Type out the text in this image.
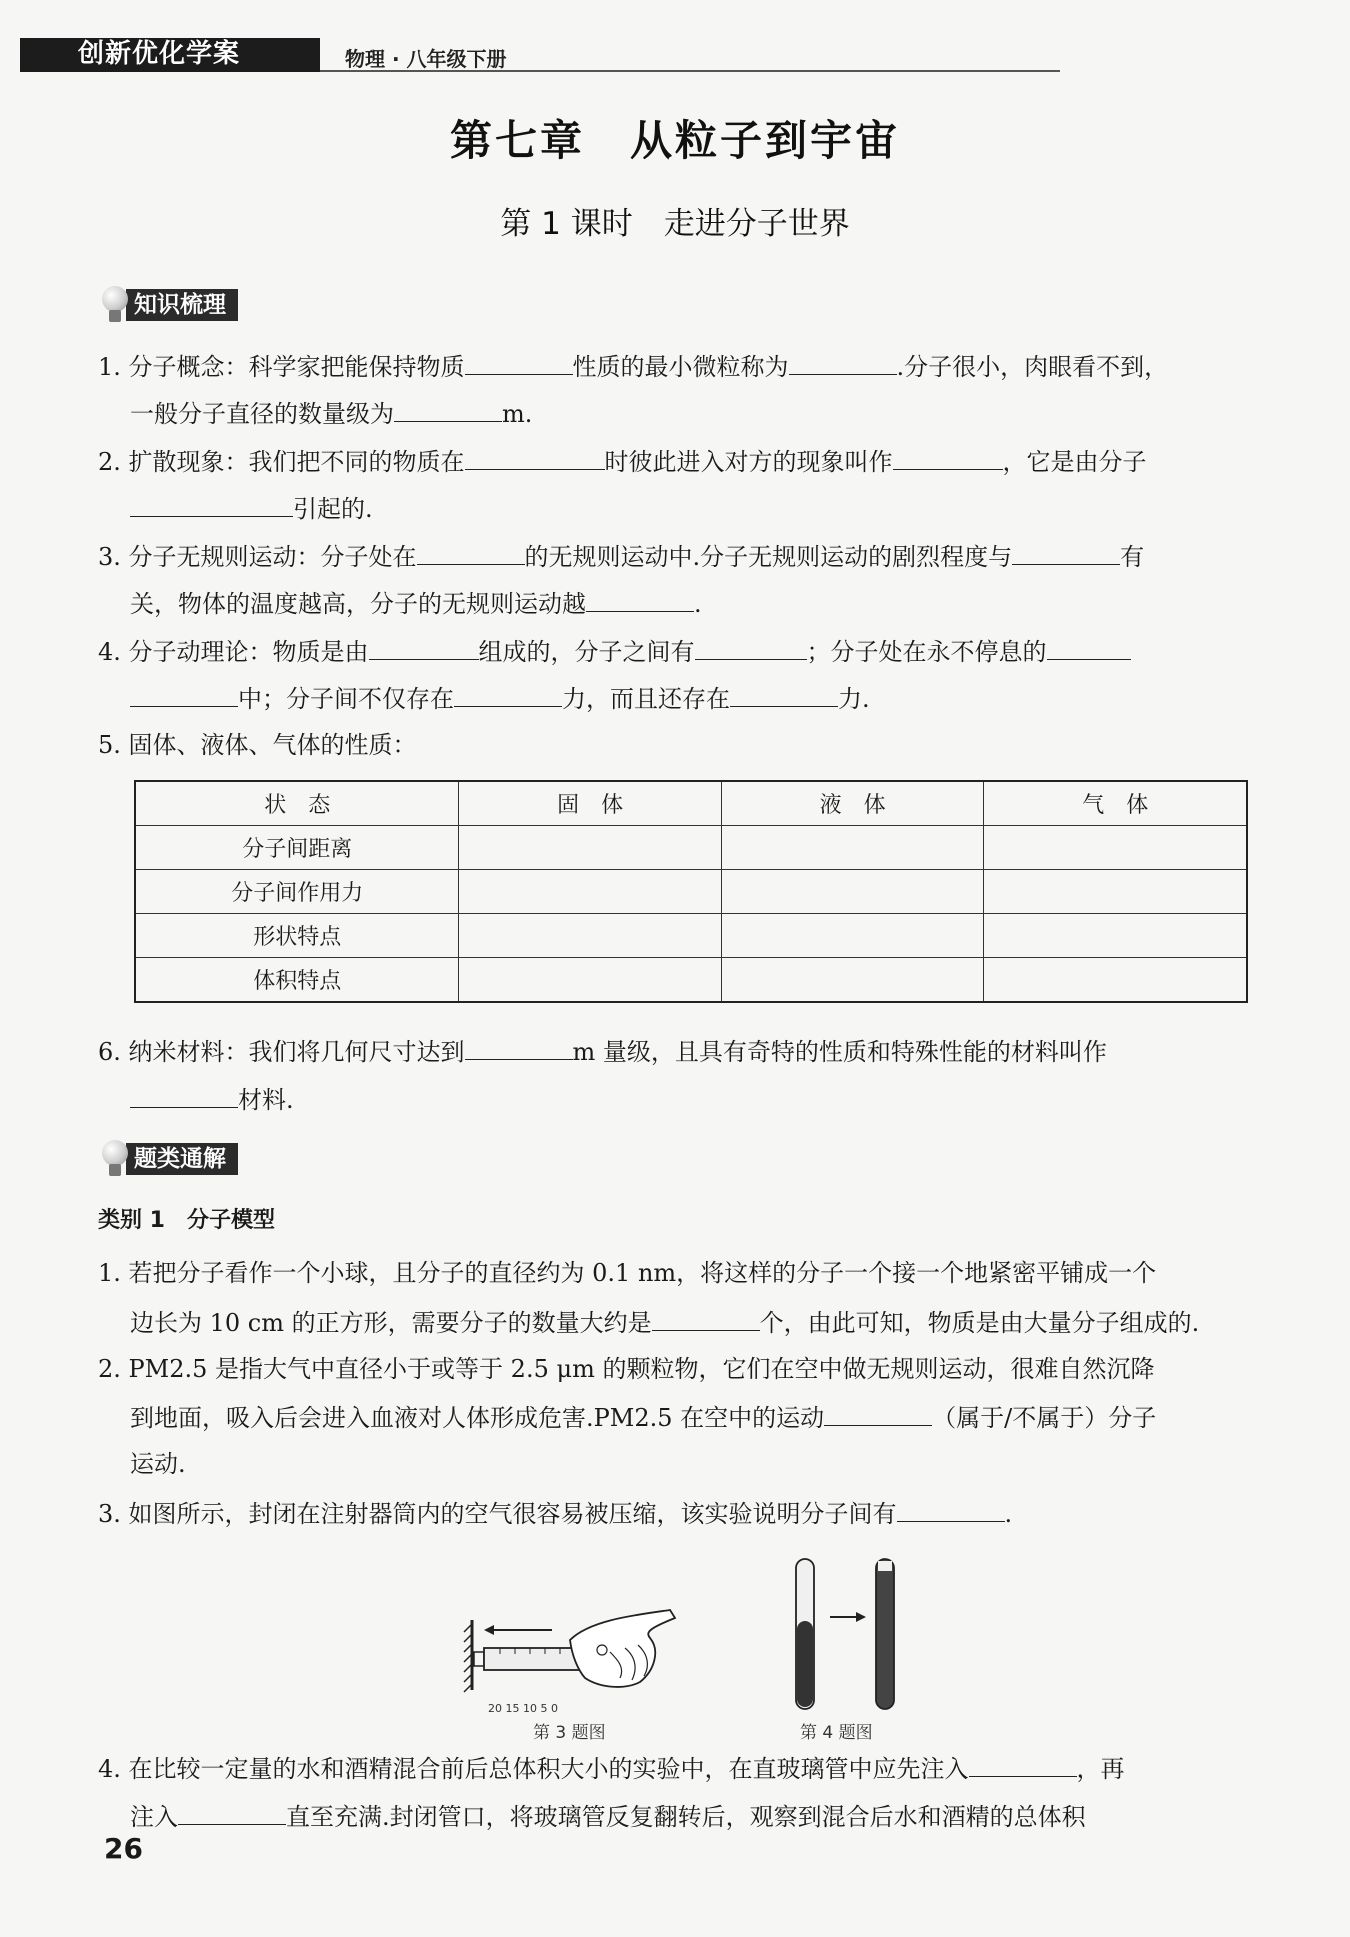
创新优化学案	物理 · 八年级下册
第七章　从粒子到宇宙
第 1 课时　走进分子世界
知识梳理
1. 分子概念：科学家把能保持物质	性质的最小微粒称为	.分子很小，肉眼看不到，
一般分子直径的数量级为	m.
2. 扩散现象：我们把不同的物质在	时彼此进入对方的现象叫作	，它是由分子
引起的.
3. 分子无规则运动：分子处在	的无规则运动中.分子无规则运动的剧烈程度与	有
关，物体的温度越高，分子的无规则运动越	.
4. 分子动理论：物质是由	组成的，分子之间有	；分子处在永不停息的
中；分子间不仅存在	力，而且还存在	力.
5. 固体、液体、气体的性质：
状　态	固　体	液　体	气　体
分子间距离			
分子间作用力			
形状特点			
体积特点			
6. 纳米材料：我们将几何尺寸达到	m 量级，且具有奇特的性质和特殊性能的材料叫作
材料.
题类通解
类别 1　分子模型
1. 若把分子看作一个小球，且分子的直径约为 0.1 nm，将这样的分子一个接一个地紧密平铺成一个
边长为 10 cm 的正方形，需要分子的数量大约是	个，由此可知，物质是由大量分子组成的.
2. PM2.5 是指大气中直径小于或等于 2.5 μm 的颗粒物，它们在空中做无规则运动，很难自然沉降
到地面，吸入后会进入血液对人体形成危害.PM2.5 在空中的运动	（属于/不属于）分子
运动.
3. 如图所示，封闭在注射器筒内的空气很容易被压缩，该实验说明分子间有	.
20 15 10 5 0
第 3 题图	第 4 题图
4. 在比较一定量的水和酒精混合前后总体积大小的实验中，在直玻璃管中应先注入	，再
注入	直至充满.封闭管口，将玻璃管反复翻转后，观察到混合后水和酒精的总体积
26
